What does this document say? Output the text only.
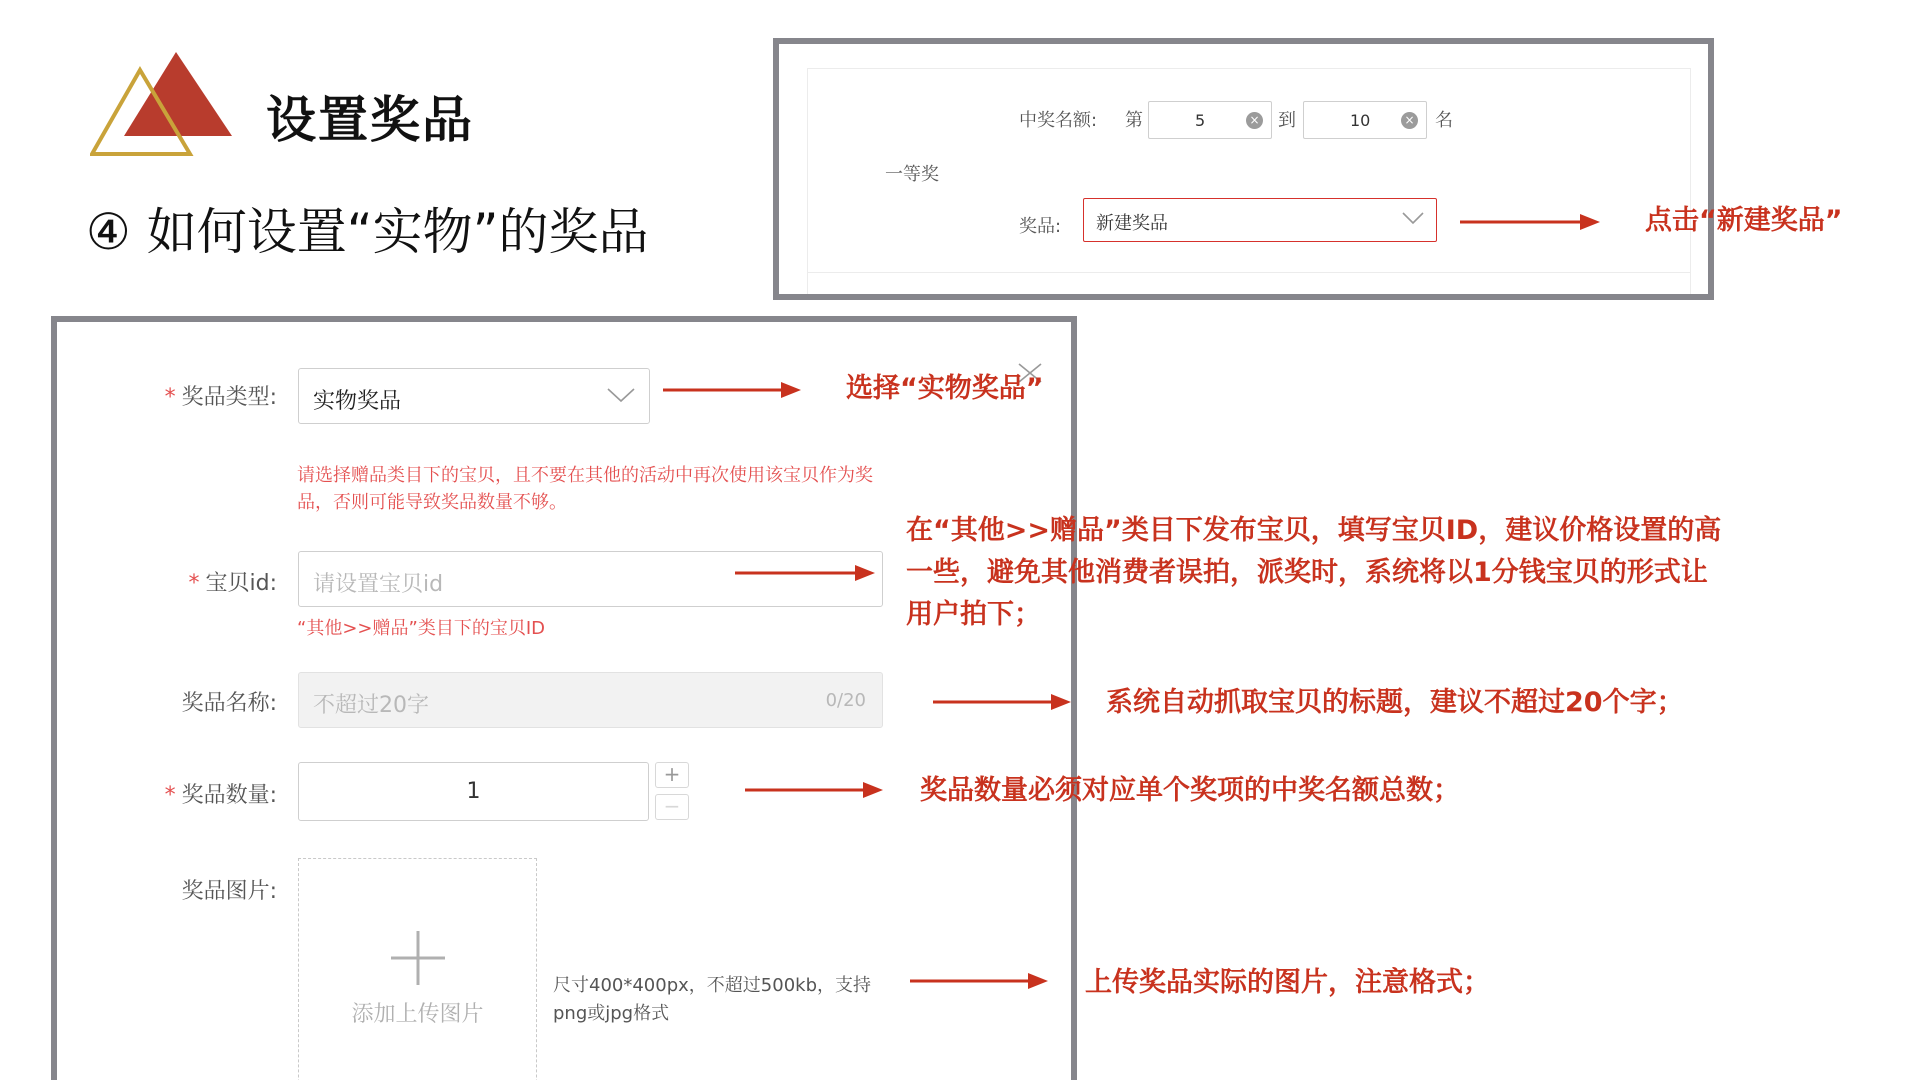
设置奖品
④ 如何设置“实物”的奖品
中奖名额: 第	5	× 到	10	× 名
一等奖
奖品:	新建奖品
* 奖品类型:	实物奖品
请选择赠品类目下的宝贝，且不要在其他的活动中再次使用该宝贝作为奖品，否则可能导致奖品数量不够。
* 宝贝id:	请设置宝贝id
“其他>>赠品”类目下的宝贝ID
奖品名称:	不超过20字	0/20
* 奖品数量:	1
+
−
奖品图片:
添加上传图片
尺寸400*400px，不超过500kb，支持png或jpg格式
点击“新建奖品”
选择“实物奖品”
在“其他>>赠品”类目下发布宝贝，填写宝贝ID，建议价格设置的高一些，避免其他消费者误拍，派奖时，系统将以1分钱宝贝的形式让用户拍下；
系统自动抓取宝贝的标题，建议不超过20个字；
奖品数量必须对应单个奖项的中奖名额总数；
上传奖品实际的图片，注意格式；
